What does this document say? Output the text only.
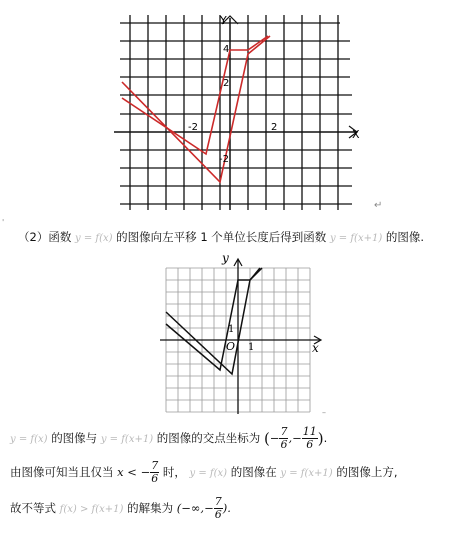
Y
X
4
2
-2	2
-2
↵
'
（2）函数 y = f(x) 的图像向左平移 1 个单位长度后得到函数 y = f(x+1) 的图像.
y
x
O 1
1
–
y = f(x) 的图像与 y = f(x+1) 的图像的交点坐标为 (− $\frac{7}{6}$ ,− $\frac{11}{6}$ ).
由图像可知当且仅当 x < − $\frac{7}{6}$ 时， y = f(x) 的图像在 y = f(x+1) 的图像上方,
故不等式 f(x) > f(x+1) 的解集为 (−∞,− $\frac{7}{6}$ ).
